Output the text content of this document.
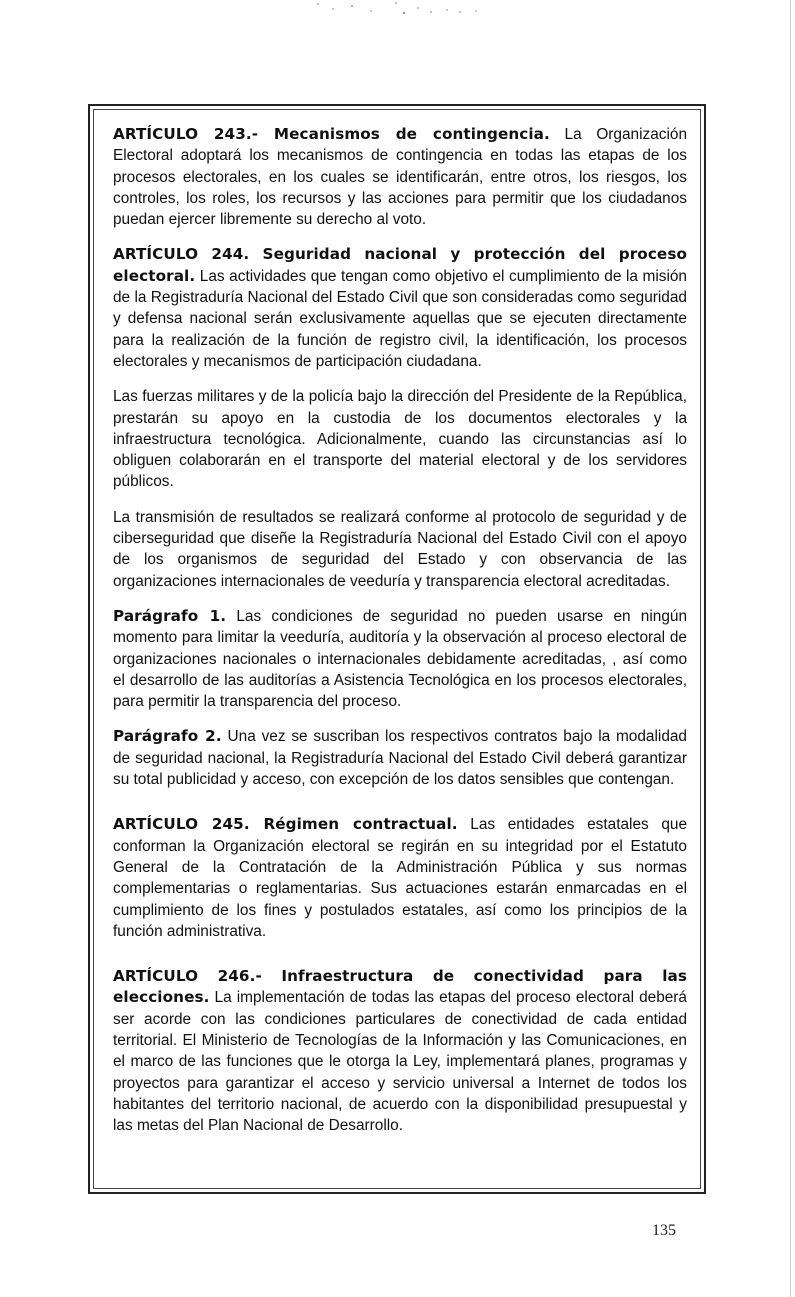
ARTÍCULO 243.- Mecanismos de contingencia. La Organización Electoral adoptará los mecanismos de contingencia en todas las etapas de los procesos electorales, en los cuales se identificarán, entre otros, los riesgos, los controles, los roles, los recursos y las acciones para permitir que los ciudadanos puedan ejercer libremente su derecho al voto.

ARTÍCULO 244. Seguridad nacional y protección del proceso electoral. Las actividades que tengan como objetivo el cumplimiento de la misión de la Registraduría Nacional del Estado Civil que son consideradas como seguridad y defensa nacional serán exclusivamente aquellas que se ejecuten directamente para la realización de la función de registro civil, la identificación, los procesos electorales y mecanismos de participación ciudadana.

Las fuerzas militares y de la policía bajo la dirección del Presidente de la República, prestarán su apoyo en la custodia de los documentos electorales y la infraestructura tecnológica. Adicionalmente, cuando las circunstancias así lo obliguen colaborarán en el transporte del material electoral y de los servidores públicos.

La transmisión de resultados se realizará conforme al protocolo de seguridad y de ciberseguridad que diseñe la Registraduría Nacional del Estado Civil con el apoyo de los organismos de seguridad del Estado y con observancia de las organizaciones internacionales de veeduría y transparencia electoral acreditadas.

Parágrafo 1. Las condiciones de seguridad no pueden usarse en ningún momento para limitar la veeduría, auditoría y la observación al proceso electoral de organizaciones nacionales o internacionales debidamente acreditadas, , así como el desarrollo de las auditorías a Asistencia Tecnológica en los procesos electorales, para permitir la transparencia del proceso.

Parágrafo 2. Una vez se suscriban los respectivos contratos bajo la modalidad de seguridad nacional, la Registraduría Nacional del Estado Civil deberá garantizar su total publicidad y acceso, con excepción de los datos sensibles que contengan.

ARTÍCULO 245. Régimen contractual. Las entidades estatales que conforman la Organización electoral se regirán en su integridad por el Estatuto General de la Contratación de la Administración Pública y sus normas complementarias o reglamentarias. Sus actuaciones estarán enmarcadas en el cumplimiento de los fines y postulados estatales, así como los principios de la función administrativa.

ARTÍCULO 246.- Infraestructura de conectividad para las elecciones. La implementación de todas las etapas del proceso electoral deberá ser acorde con las condiciones particulares de conectividad de cada entidad territorial. El Ministerio de Tecnologías de la Información y las Comunicaciones, en el marco de las funciones que le otorga la Ley, implementará planes, programas y proyectos para garantizar el acceso y servicio universal a Internet de todos los habitantes del territorio nacional, de acuerdo con la disponibilidad presupuestal y las metas del Plan Nacional de Desarrollo.

135
